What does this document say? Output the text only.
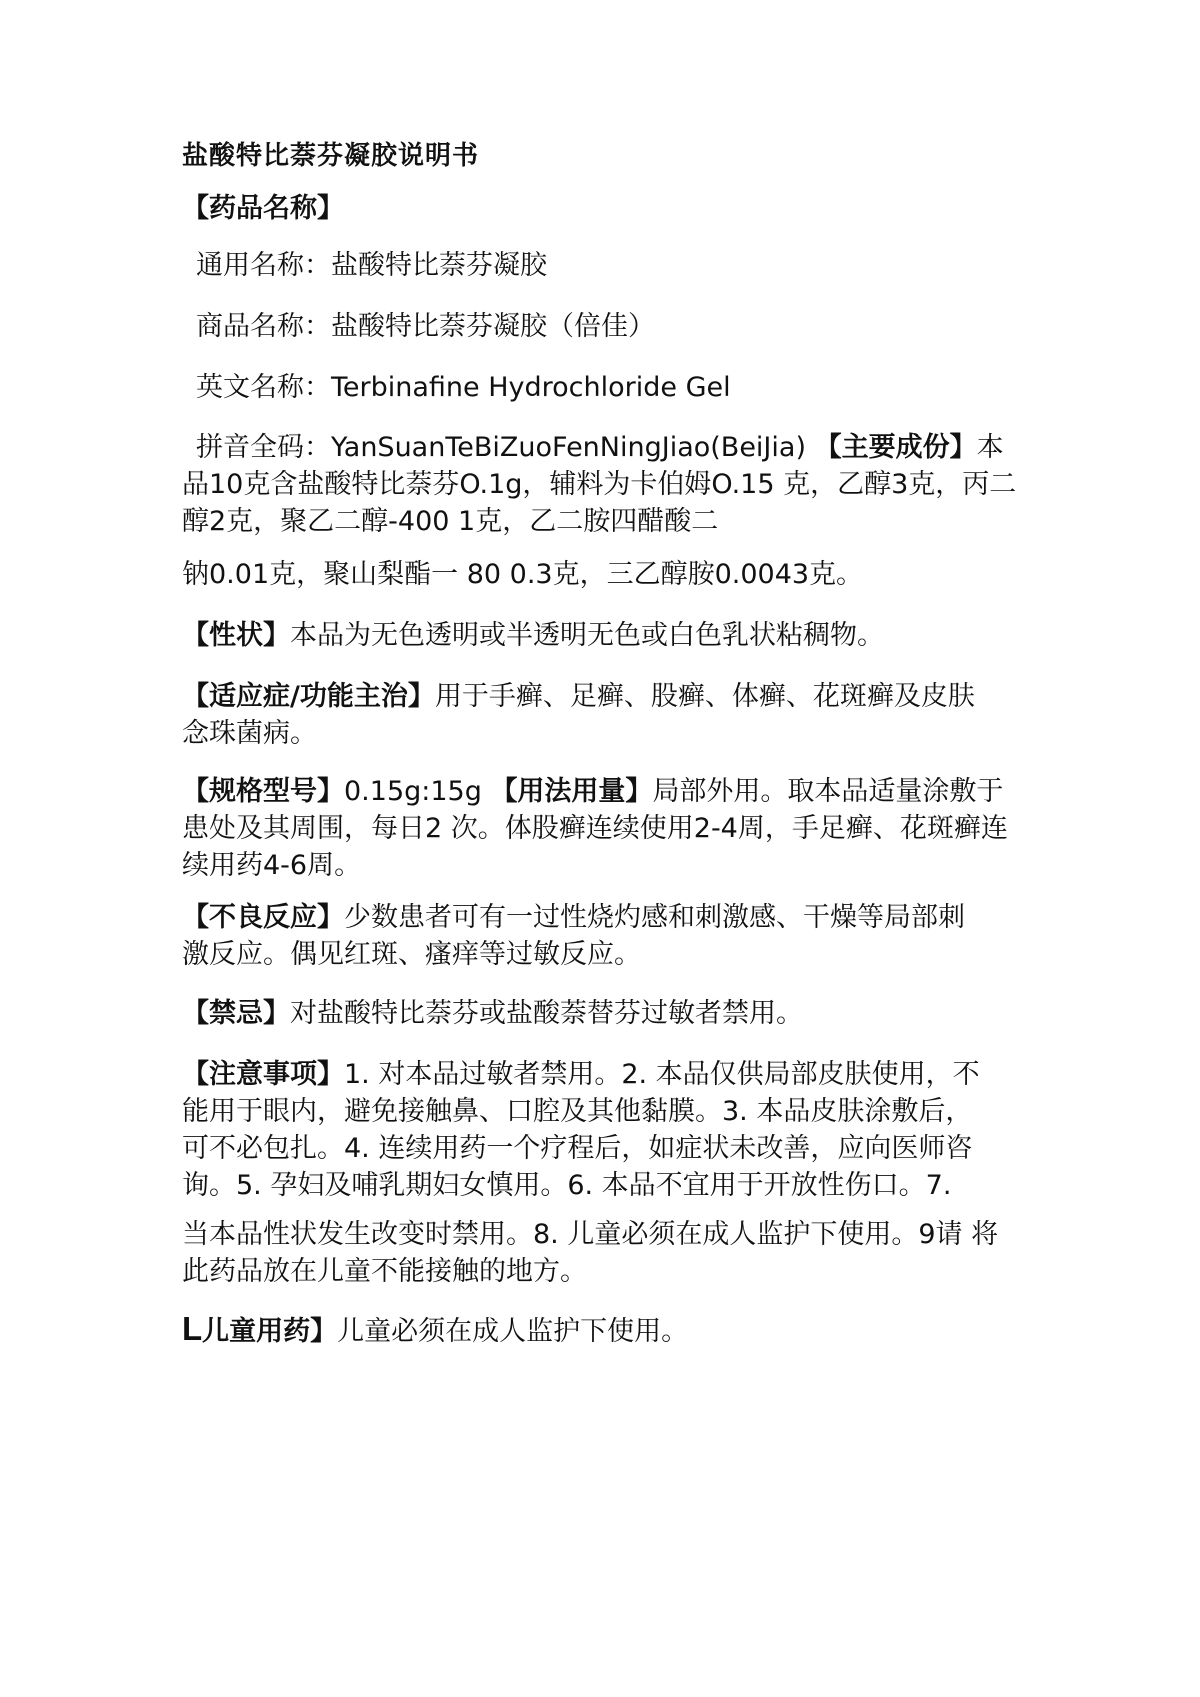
盐酸特比萘芬凝胶说明书
【药品名称】
通用名称：盐酸特比萘芬凝胶
商品名称：盐酸特比萘芬凝胶（倍佳）
英文名称：Terbinafine Hydrochloride Gel
拼音全码：YanSuanTeBiZuoFenNingJiao(BeiJia) 【主要成份】本
品10克含盐酸特比萘芬O.1g，辅料为卡伯姆O.15 克，乙醇3克，丙二
醇2克，聚乙二醇-400 1克，乙二胺四醋酸二
钠0.01克，聚山梨酯一 80 0.3克，三乙醇胺0.0043克。
【性状】本品为无色透明或半透明无色或白色乳状粘稠物。
【适应症/功能主治】用于手癣、足癣、股癣、体癣、花斑癣及皮肤
念珠菌病。
【规格型号】0.15g:15g 【用法用量】局部外用。取本品适量涂敷于
患处及其周围，每日2 次。体股癣连续使用2-4周，手足癣、花斑癣连
续用药4-6周。
【不良反应】少数患者可有一过性烧灼感和刺激感、干燥等局部刺
激反应。偶见红斑、瘙痒等过敏反应。
【禁忌】对盐酸特比萘芬或盐酸萘替芬过敏者禁用。
【注意事项】1. 对本品过敏者禁用。2. 本品仅供局部皮肤使用，不
能用于眼内，避免接触鼻、口腔及其他黏膜。3. 本品皮肤涂敷后，
可不必包扎。4. 连续用药一个疗程后，如症状未改善，应向医师咨
询。5. 孕妇及哺乳期妇女慎用。6. 本品不宜用于开放性伤口。7.
当本品性状发生改变时禁用。8. 儿童必须在成人监护下使用。9请 将
此药品放在儿童不能接触的地方。
L儿童用药】儿童必须在成人监护下使用。
